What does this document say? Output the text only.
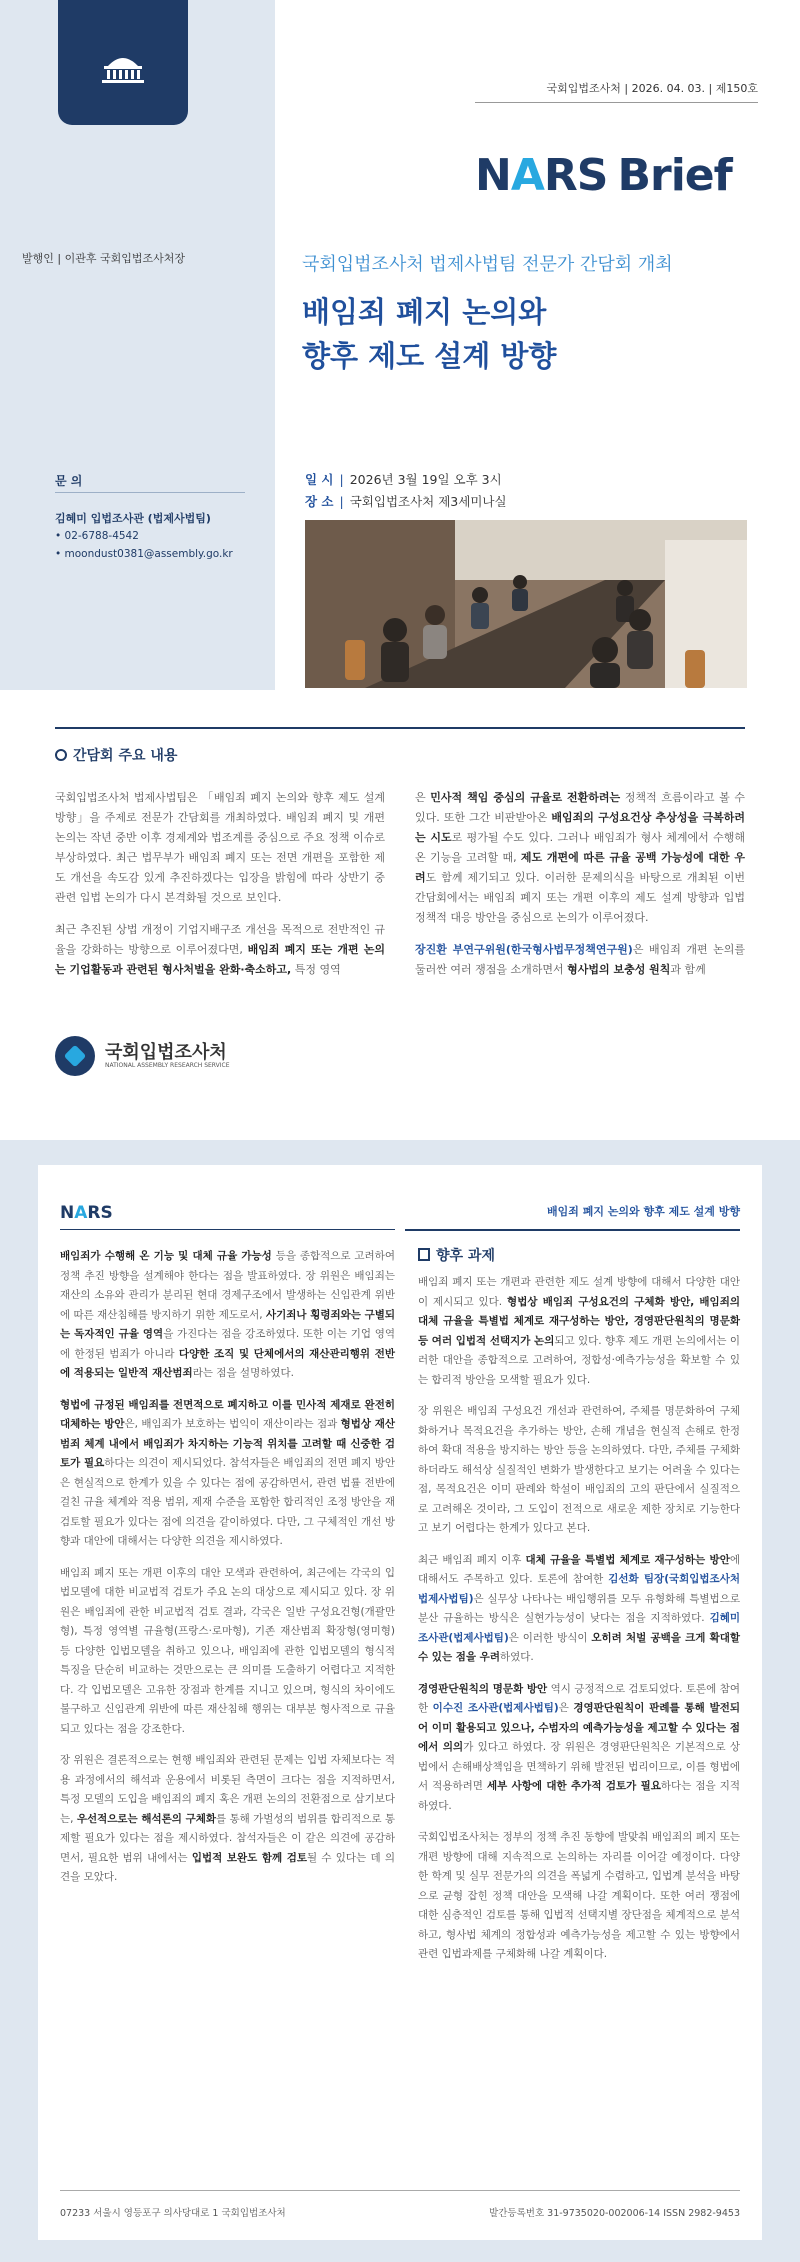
발행인 | 이관후 국회입법조사처장
문 의
김혜미 입법조사관 (법제사법팀)
• 02-6788-4542
• moondust0381@assembly.go.kr
국회입법조사처 | 2026. 04. 03. | 제150호
NARS Brief
국회입법조사처 법제사법팀 전문가 간담회 개최
배임죄 폐지 논의와
향후 제도 설계 방향
일 시 | 2026년 3월 19일 오후 3시
장 소 | 국회입법조사처 제3세미나실
간담회 주요 내용

국회입법조사처 법제사법팀은 「배임죄 폐지 논의와 향후 제도 설계 방향」을 주제로 전문가 간담회를 개최하였다. 배임죄 폐지 및 개편 논의는 작년 중반 이후 경제계와 법조계를 중심으로 주요 정책 이슈로 부상하였다. 최근 법무부가 배임죄 폐지 또는 전면 개편을 포함한 제도 개선을 속도감 있게 추진하겠다는 입장을 밝힘에 따라 상반기 중 관련 입법 논의가 다시 본격화될 것으로 보인다.

최근 추진된 상법 개정이 기업지배구조 개선을 목적으로 전반적인 규율을 강화하는 방향으로 이루어졌다면, 배임죄 폐지 또는 개편 논의는 기업활동과 관련된 형사처벌을 완화·축소하고, 특정 영역

은 민사적 책임 중심의 규율로 전환하려는 정책적 흐름이라고 볼 수 있다. 또한 그간 비판받아온 배임죄의 구성요건상 추상성을 극복하려는 시도로 평가될 수도 있다. 그러나 배임죄가 형사 체계에서 수행해온 기능을 고려할 때, 제도 개편에 따른 규율 공백 가능성에 대한 우려도 함께 제기되고 있다. 이러한 문제의식을 바탕으로 개최된 이번 간담회에서는 배임죄 폐지 또는 개편 이후의 제도 설계 방향과 입법 정책적 대응 방안을 중심으로 논의가 이루어졌다.

장진환 부연구위원(한국형사법무정책연구원)은 배임죄 개편 논의를 둘러싼 여러 쟁점을 소개하면서 형사법의 보충성 원칙과 함께

국회입법조사처
NATIONAL ASSEMBLY RESEARCH SERVICE
NARS	배임죄 폐지 논의와 향후 제도 설계 방향

배임죄가 수행해 온 기능 및 대체 규율 가능성 등을 종합적으로 고려하여 정책 추진 방향을 설계해야 한다는 점을 발표하였다. 장 위원은 배임죄는 재산의 소유와 관리가 분리된 현대 경제구조에서 발생하는 신임관계 위반에 따른 재산침해를 방지하기 위한 제도로서, 사기죄나 횡령죄와는 구별되는 독자적인 규율 영역을 가진다는 점을 강조하였다. 또한 이는 기업 영역에 한정된 범죄가 아니라 다양한 조직 및 단체에서의 재산관리행위 전반에 적용되는 일반적 재산범죄라는 점을 설명하였다.

형법에 규정된 배임죄를 전면적으로 폐지하고 이를 민사적 제재로 완전히 대체하는 방안은, 배임죄가 보호하는 법익이 재산이라는 점과 형법상 재산범죄 체계 내에서 배임죄가 차지하는 기능적 위치를 고려할 때 신중한 검토가 필요하다는 의견이 제시되었다. 참석자들은 배임죄의 전면 폐지 방안은 현실적으로 한계가 있을 수 있다는 점에 공감하면서, 관련 법률 전반에 걸친 규율 체계와 적용 범위, 제재 수준을 포함한 합리적인 조정 방안을 재검토할 필요가 있다는 점에 의견을 같이하였다. 다만, 그 구체적인 개선 방향과 대안에 대해서는 다양한 의견을 제시하였다.

배임죄 폐지 또는 개편 이후의 대안 모색과 관련하여, 최근에는 각국의 입법모델에 대한 비교법적 검토가 주요 논의 대상으로 제시되고 있다. 장 위원은 배임죄에 관한 비교법적 검토 결과, 각국은 일반 구성요건형(개괄만형), 특정 영역별 규율형(프랑스·로마형), 기존 재산범죄 확장형(영미형) 등 다양한 입법모델을 취하고 있으나, 배임죄에 관한 입법모델의 형식적 특징을 단순히 비교하는 것만으로는 큰 의미를 도출하기 어렵다고 지적한다. 각 입법모델은 고유한 장점과 한계를 지니고 있으며, 형식의 차이에도 불구하고 신임관계 위반에 따른 재산침해 행위는 대부분 형사적으로 규율되고 있다는 점을 강조한다.

장 위원은 결론적으로는 현행 배임죄와 관련된 문제는 입법 자체보다는 적용 과정에서의 해석과 운용에서 비롯된 측면이 크다는 점을 지적하면서, 특정 모델의 도입을 배임죄의 폐지 혹은 개편 논의의 전환점으로 삼기보다는, 우선적으로는 해석론의 구체화를 통해 가벌성의 범위를 합리적으로 통제할 필요가 있다는 점을 제시하였다. 참석자들은 이 같은 의견에 공감하면서, 필요한 범위 내에서는 입법적 보완도 함께 검토될 수 있다는 데 의견을 모았다.

향후 과제

배임죄 폐지 또는 개편과 관련한 제도 설계 방향에 대해서 다양한 대안이 제시되고 있다. 형법상 배임죄 구성요건의 구체화 방안, 배임죄의 대체 규율을 특별법 체계로 재구성하는 방안, 경영판단원칙의 명문화 등 여러 입법적 선택지가 논의되고 있다. 향후 제도 개편 논의에서는 이러한 대안을 종합적으로 고려하여, 정합성·예측가능성을 확보할 수 있는 합리적 방안을 모색할 필요가 있다.

장 위원은 배임죄 구성요건 개선과 관련하여, 주체를 명문화하여 구체화하거나 목적요건을 추가하는 방안, 손해 개념을 현실적 손해로 한정하여 확대 적용을 방지하는 방안 등을 논의하였다. 다만, 주체를 구체화하더라도 해석상 실질적인 변화가 발생한다고 보기는 어려울 수 있다는 점, 목적요건은 이미 판례와 학설이 배임죄의 고의 판단에서 실질적으로 고려해온 것이라, 그 도입이 전적으로 새로운 제한 장치로 기능한다고 보기 어렵다는 한계가 있다고 본다.

최근 배임죄 폐지 이후 대체 규율을 특별법 체계로 재구성하는 방안에 대해서도 주목하고 있다. 토론에 참여한 김선화 팀장(국회입법조사처 법제사법팀)은 실무상 나타나는 배임행위를 모두 유형화해 특별법으로 분산 규율하는 방식은 실현가능성이 낮다는 점을 지적하였다. 김혜미 조사관(법제사법팀)은 이러한 방식이 오히려 처벌 공백을 크게 확대할 수 있는 점을 우려하였다.

경영판단원칙의 명문화 방안 역시 긍정적으로 검토되었다. 토론에 참여한 이수진 조사관(법제사법팀)은 경영판단원칙이 판례를 통해 발전되어 이미 활용되고 있으나, 수범자의 예측가능성을 제고할 수 있다는 점에서 의의가 있다고 하였다. 장 위원은 경영판단원칙은 기본적으로 상법에서 손해배상책임을 면책하기 위해 발전된 법리이므로, 이를 형법에서 적용하려면 세부 사항에 대한 추가적 검토가 필요하다는 점을 지적하였다.

국회입법조사처는 정부의 정책 추진 동향에 발맞춰 배임죄의 폐지 또는 개편 방향에 대해 지속적으로 논의하는 자리를 이어갈 예정이다. 다양한 학계 및 실무 전문가의 의견을 폭넓게 수렴하고, 입법계 분석을 바탕으로 균형 잡힌 정책 대안을 모색해 나갈 계획이다. 또한 여러 쟁점에 대한 심층적인 검토를 통해 입법적 선택지별 장단점을 체계적으로 분석하고, 형사법 체계의 정합성과 예측가능성을 제고할 수 있는 방향에서 관련 입법과제를 구체화해 나갈 계획이다.

07233 서울시 영등포구 의사당대로 1 국회입법조사처	발간등록번호 31-9735020-002006-14 ISSN 2982-9453
